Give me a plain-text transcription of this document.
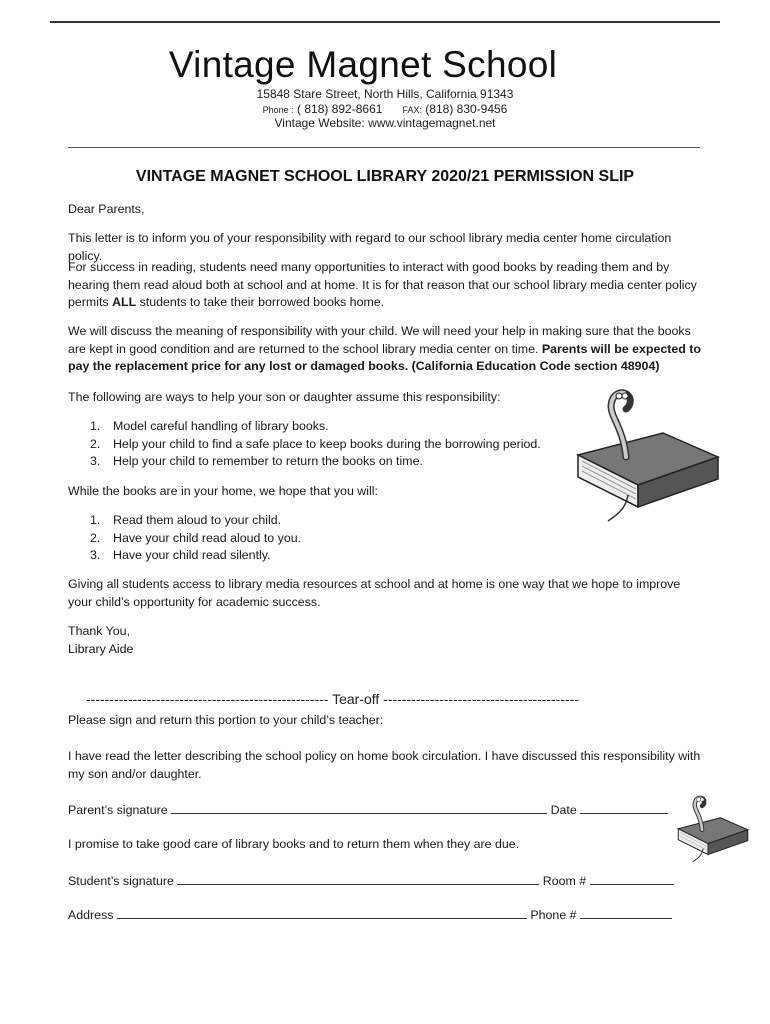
Vintage Magnet School
15848 Stare Street, North Hills, California 91343
Phone : ( 818) 892-8661 FAX: (818) 830-9456
Vintage Website: www.vintagemagnet.net
VINTAGE MAGNET SCHOOL LIBRARY 2020/21 PERMISSION SLIP
Dear Parents,
This letter is to inform you of your responsibility with regard to our school library media center home circulation policy.
For success in reading, students need many opportunities to interact with good books by reading them and by hearing them read aloud both at school and at home. It is for that reason that our school library media center policy permits ALL students to take their borrowed books home.
We will discuss the meaning of responsibility with your child. We will need your help in making sure that the books are kept in good condition and are returned to the school library media center on time. Parents will be expected to pay the replacement price for any lost or damaged books. (California Education Code section 48904)
The following are ways to help your son or daughter assume this responsibility:
1.	Model careful handling of library books.
2.	Help your child to find a safe place to keep books during the borrowing period.
3.	Help your child to remember to return the books on time.
While the books are in your home, we hope that you will:
1.	Read them aloud to your child.
2.	Have your child read aloud to you.
3.	Have your child read silently.
Giving all students access to library media resources at school and at home is one way that we hope to improve your child’s opportunity for academic success.
Thank You,
Library Aide
---------------------------------------------------- Tear-off ------------------------------------------
Please sign and return this portion to your child’s teacher:
I have read the letter describing the school policy on home book circulation. I have discussed this responsibility with my son and/or daughter.
Parent’s signature	Date
I promise to take good care of library books and to return them when they are due.
Student’s signature	Room #
Address	Phone #
